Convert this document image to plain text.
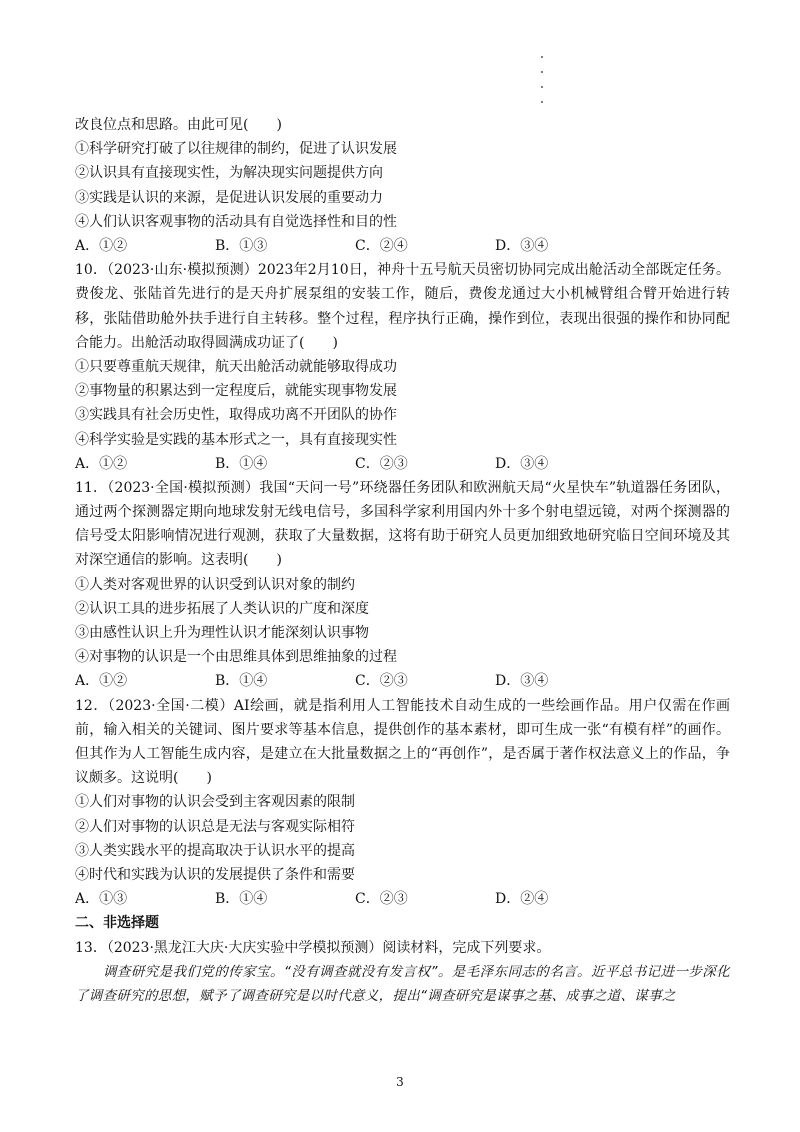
改良位点和思路。由此可见(　　)
①科学研究打破了以往规律的制约，促进了认识发展
②认识具有直接现实性，为解决现实问题提供方向
③实践是认识的来源，是促进认识发展的重要动力
④人们认识客观事物的活动具有自觉选择性和目的性
A．①②	B．①③	C．②④	D．③④
10．（2023·山东·模拟预测）2023年2月10日，神舟十五号航天员密切协同完成出舱活动全部既定任务。费俊龙、张陆首先进行的是天舟扩展泵组的安装工作，随后，费俊龙通过大小机械臂组合臂开始进行转移，张陆借助舱外扶手进行自主转移。整个过程，程序执行正确，操作到位，表现出很强的操作和协同配合能力。出舱活动取得圆满成功证了(　　)
①只要尊重航天规律，航天出舱活动就能够取得成功
②事物量的积累达到一定程度后，就能实现事物发展
③实践具有社会历史性，取得成功离不开团队的协作
④科学实验是实践的基本形式之一，具有直接现实性
A．①②	B．①④	C．②③	D．③④
11．（2023·全国·模拟预测）我国“天问一号”环绕器任务团队和欧洲航天局“火星快车”轨道器任务团队，通过两个探测器定期向地球发射无线电信号，多国科学家利用国内外十多个射电望远镜，对两个探测器的信号受太阳影响情况进行观测，获取了大量数据，这将有助于研究人员更加细致地研究临日空间环境及其对深空通信的影响。这表明(　　)
①人类对客观世界的认识受到认识对象的制约
②认识工具的进步拓展了人类认识的广度和深度
③由感性认识上升为理性认识才能深刻认识事物
④对事物的认识是一个由思维具体到思维抽象的过程
A．①②	B．①④	C．②③	D．③④
12．（2023·全国·二模）AI绘画，就是指利用人工智能技术自动生成的一些绘画作品。用户仅需在作画前，输入相关的关键词、图片要求等基本信息，提供创作的基本素材，即可生成一张“有模有样”的画作。但其作为人工智能生成内容，是建立在大批量数据之上的“再创作”，是否属于著作权法意义上的作品，争议颇多。这说明(　　)
①人们对事物的认识会受到主客观因素的限制
②人们对事物的认识总是无法与客观实际相符
③人类实践水平的提高取决于认识水平的提高
④时代和实践为认识的发展提供了条件和需要
A．①③	B．①④	C．②③	D．②④
二、非选择题
13．（2023·黑龙江大庆·大庆实验中学模拟预测）阅读材料，完成下列要求。
调查研究是我们党的传家宝。“没有调查就没有发言权”。是毛泽东同志的名言。近平总书记进一步深化了调查研究的思想，赋予了调查研究是以时代意义，提出“调查研究是谋事之基、成事之道、谋事之
3
